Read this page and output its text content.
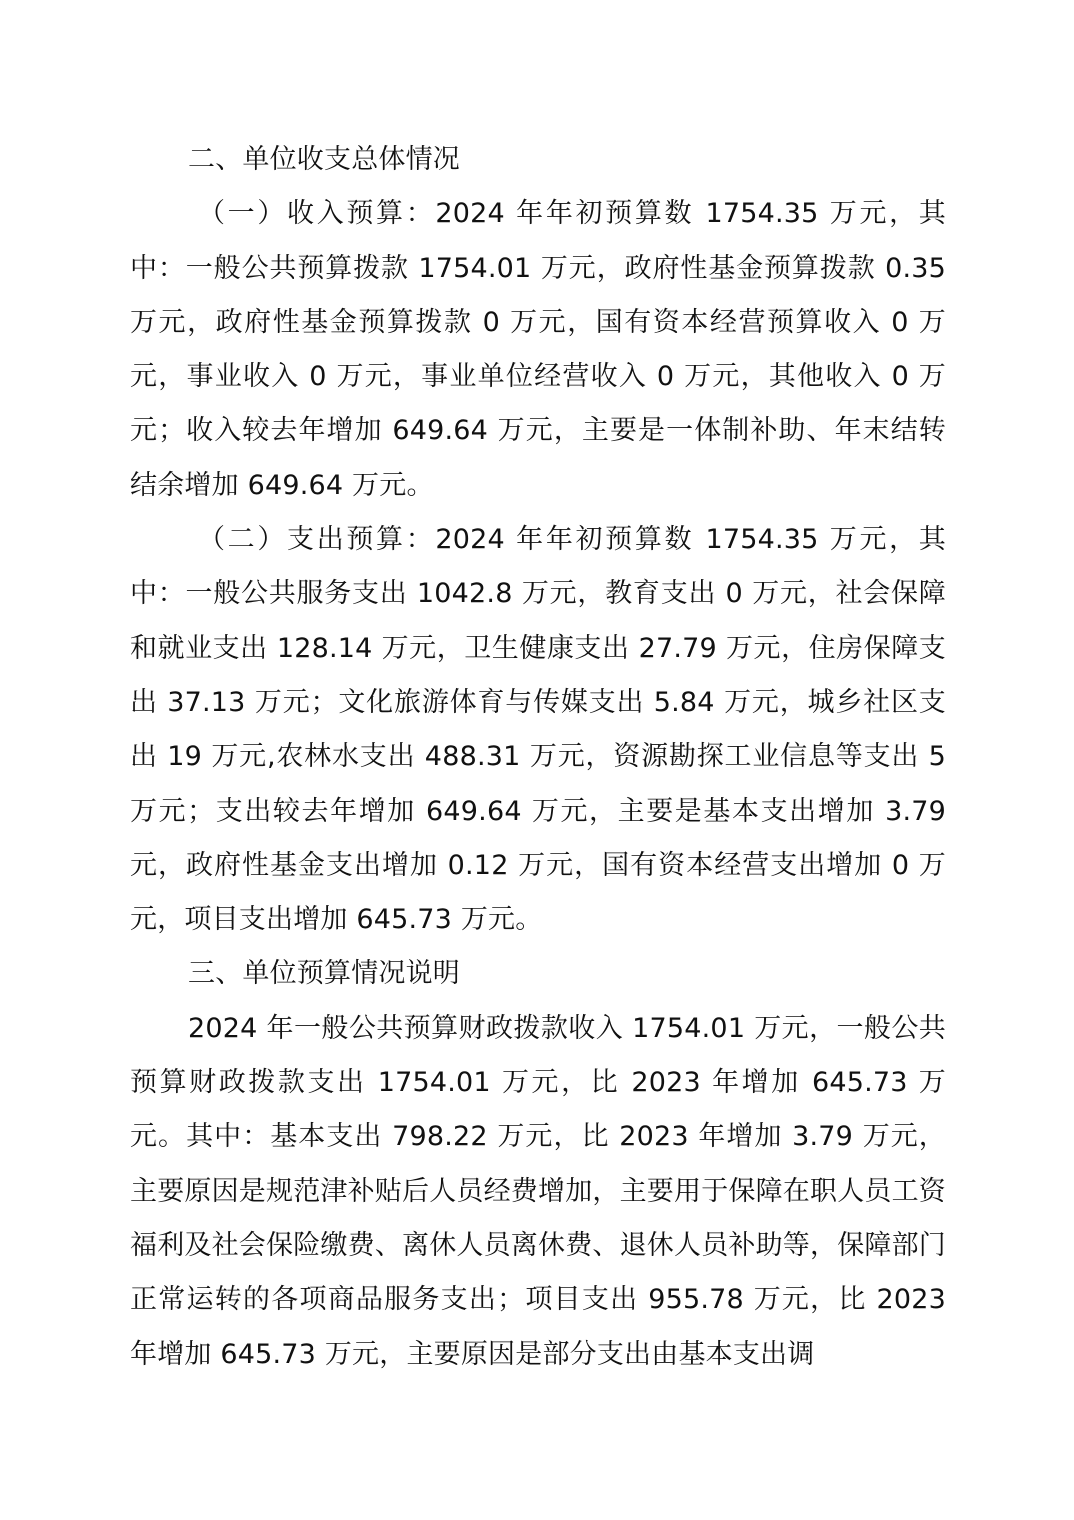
二、单位收支总体情况

（一）收入预算：2024 年年初预算数 1754.35 万元，其中：一般公共预算拨款 1754.01 万元，政府性基金预算拨款 0.35 万元，政府性基金预算拨款 0 万元，国有资本经营预算收入 0 万元，事业收入 0 万元，事业单位经营收入 0 万元，其他收入 0 万元；收入较去年增加 649.64 万元，主要是一体制补助、年末结转结余增加 649.64 万元。

（二）支出预算：2024 年年初预算数 1754.35 万元，其中：一般公共服务支出 1042.8 万元，教育支出 0 万元，社会保障和就业支出 128.14 万元，卫生健康支出 27.79 万元，住房保障支出 37.13 万元；文化旅游体育与传媒支出 5.84 万元，城乡社区支出 19 万元,农林水支出 488.31 万元，资源勘探工业信息等支出 5 万元；支出较去年增加 649.64 万元，主要是基本支出增加 3.79 元，政府性基金支出增加 0.12 万元，国有资本经营支出增加 0 万元，项目支出增加 645.73 万元。

三、单位预算情况说明

2024 年一般公共预算财政拨款收入 1754.01 万元，一般公共预算财政拨款支出 1754.01 万元，比 2023 年增加 645.73 万元。其中：基本支出 798.22 万元，比 2023 年增加 3.79 万元，主要原因是规范津补贴后人员经费增加，主要用于保障在职人员工资福利及社会保险缴费、离休人员离休费、退休人员补助等，保障部门正常运转的各项商品服务支出；项目支出 955.78 万元，比 2023 年增加 645.73 万元，主要原因是部分支出由基本支出调
